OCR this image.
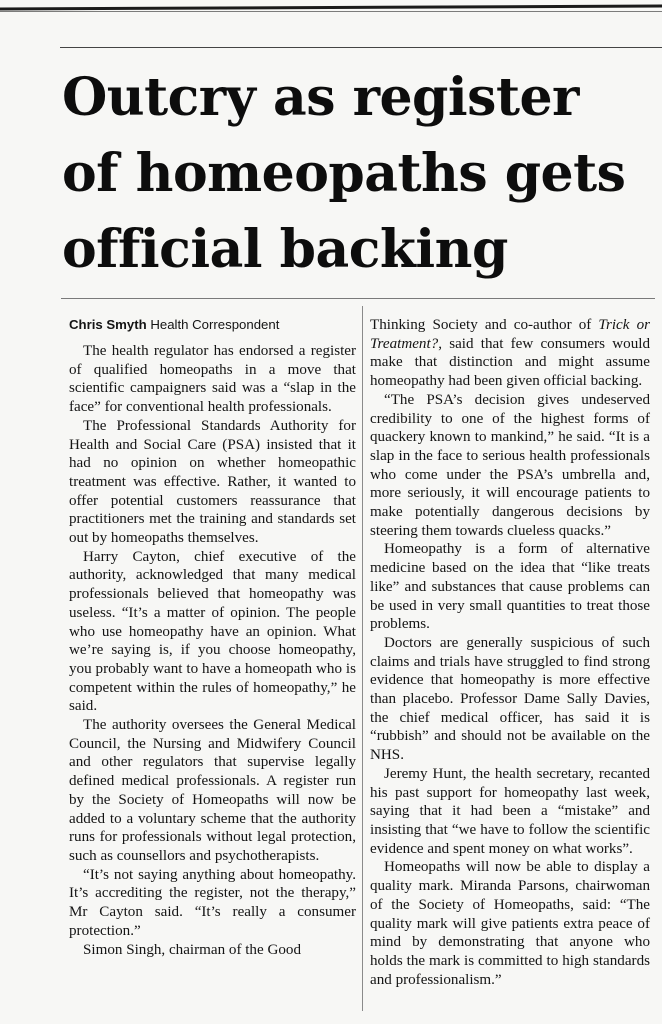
Outcry as register
of homeopaths gets
official backing
Chris Smyth Health Correspondent

The health regulator has endorsed a register of qualified homeopaths in a move that scientific campaigners said was a “slap in the face” for conventional health professionals.

The Professional Standards Authority for Health and Social Care (PSA) insisted that it had no opinion on whether homeopathic treatment was effective. Rather, it wanted to offer potential customers reassurance that practitioners met the training and standards set out by homeopaths themselves.

Harry Cayton, chief executive of the authority, acknowledged that many medical professionals believed that homeopathy was useless. “It’s a matter of opinion. The people who use homeopathy have an opinion. What we’re saying is, if you choose homeopathy, you probably want to have a homeopath who is competent within the rules of homeopathy,” he said.

The authority oversees the General Medical Council, the Nursing and Midwifery Council and other regulators that supervise legally defined medical professionals. A register run by the Society of Homeopaths will now be added to a voluntary scheme that the authority runs for professionals without legal protection, such as counsellors and psychotherapists.

“It’s not saying anything about homeopathy. It’s accrediting the register, not the therapy,” Mr Cayton said. “It’s really a consumer protection.”

Simon Singh, chairman of the Good

Thinking Society and co-author of Trick or Treatment?, said that few consumers would make that distinction and might assume homeopathy had been given official backing.

“The PSA’s decision gives undeserved credibility to one of the highest forms of quackery known to mankind,” he said. “It is a slap in the face to serious health professionals who come under the PSA’s umbrella and, more seriously, it will encourage patients to make potentially dangerous decisions by steering them towards clueless quacks.”

Homeopathy is a form of alternative medicine based on the idea that “like treats like” and substances that cause problems can be used in very small quantities to treat those problems.

Doctors are generally suspicious of such claims and trials have struggled to find strong evidence that homeopathy is more effective than placebo. Professor Dame Sally Davies, the chief medical officer, has said it is “rubbish” and should not be available on the NHS.

Jeremy Hunt, the health secretary, recanted his past support for homeopathy last week, saying that it had been a “mistake” and insisting that “we have to follow the scientific evidence and spent money on what works”.

Homeopaths will now be able to display a quality mark. Miranda Parsons, chairwoman of the Society of Homeopaths, said: “The quality mark will give patients extra peace of mind by demonstrating that anyone who holds the mark is committed to high standards and professionalism.”
